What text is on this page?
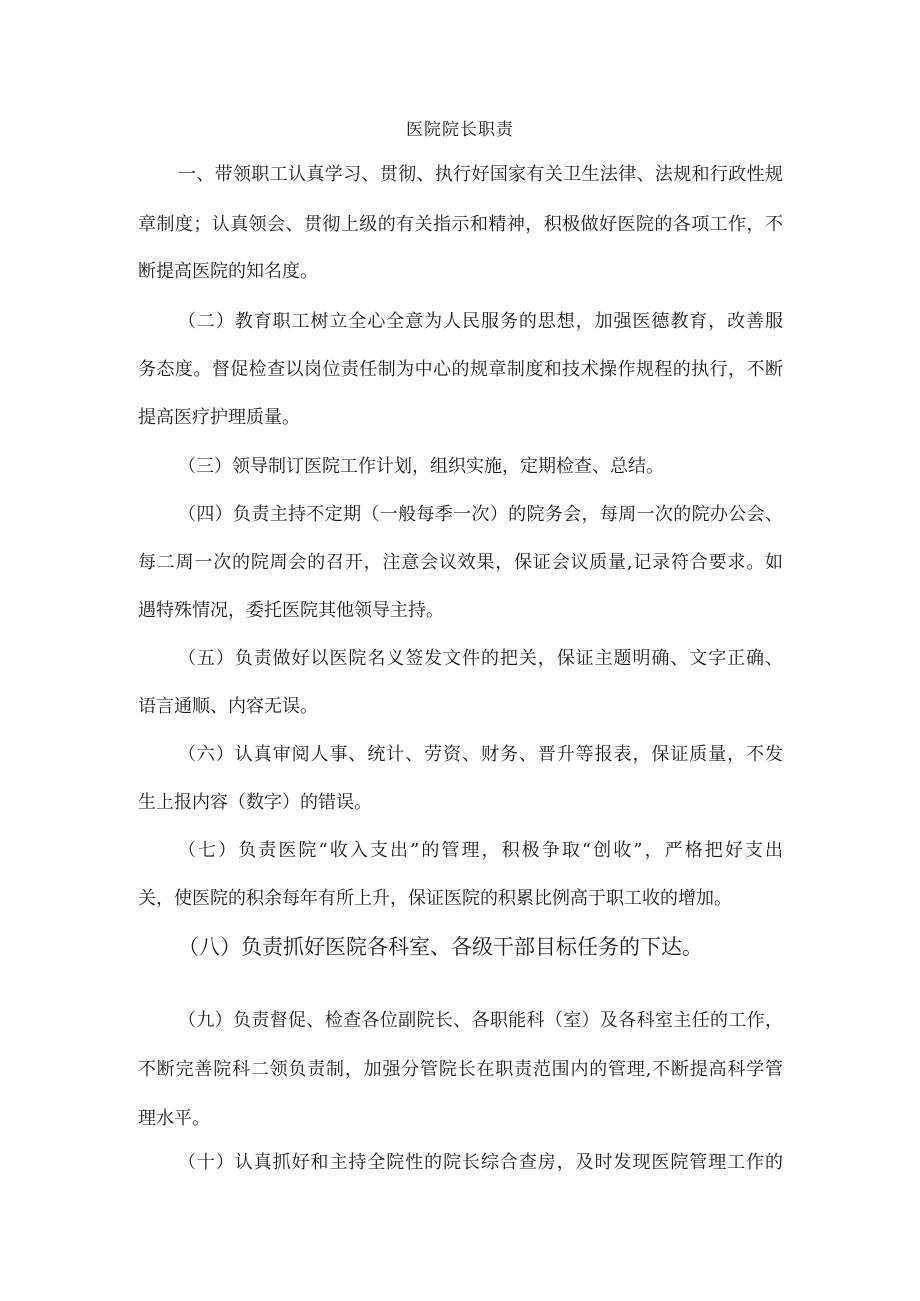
医院院长职责
一、带领职工认真学习、贯彻、执行好国家有关卫生法律、法规和行政性规
章制度；认真领会、贯彻上级的有关指示和精神，积极做好医院的各项工作，不
断提高医院的知名度。
（二）教育职工树立全心全意为人民服务的思想，加强医德教育，改善服
务态度。督促检查以岗位责任制为中心的规章制度和技术操作规程的执行，不断
提高医疗护理质量。
（三）领导制订医院工作计划，组织实施，定期检查、总结。
（四）负责主持不定期（一般每季一次）的院务会，每周一次的院办公会、
每二周一次的院周会的召开，注意会议效果，保证会议质量,记录符合要求。如
遇特殊情况，委托医院其他领导主持。
（五）负责做好以医院名义签发文件的把关，保证主题明确、文字正确、
语言通顺、内容无误。
（六）认真审阅人事、统计、劳资、财务、晋升等报表，保证质量，不发
生上报内容（数字）的错误。
（七）负责医院“收入支出”的管理，积极争取“创收”，严格把好支出
关，使医院的积余每年有所上升，保证医院的积累比例高于职工收的增加。
（八）负责抓好医院各科室、各级干部目标任务的下达。
（九）负责督促、检查各位副院长、各职能科（室）及各科室主任的工作，
不断完善院科二领负责制，加强分管院长在职责范围内的管理,不断提高科学管
理水平。
（十）认真抓好和主持全院性的院长综合查房，及时发现医院管理工作的
